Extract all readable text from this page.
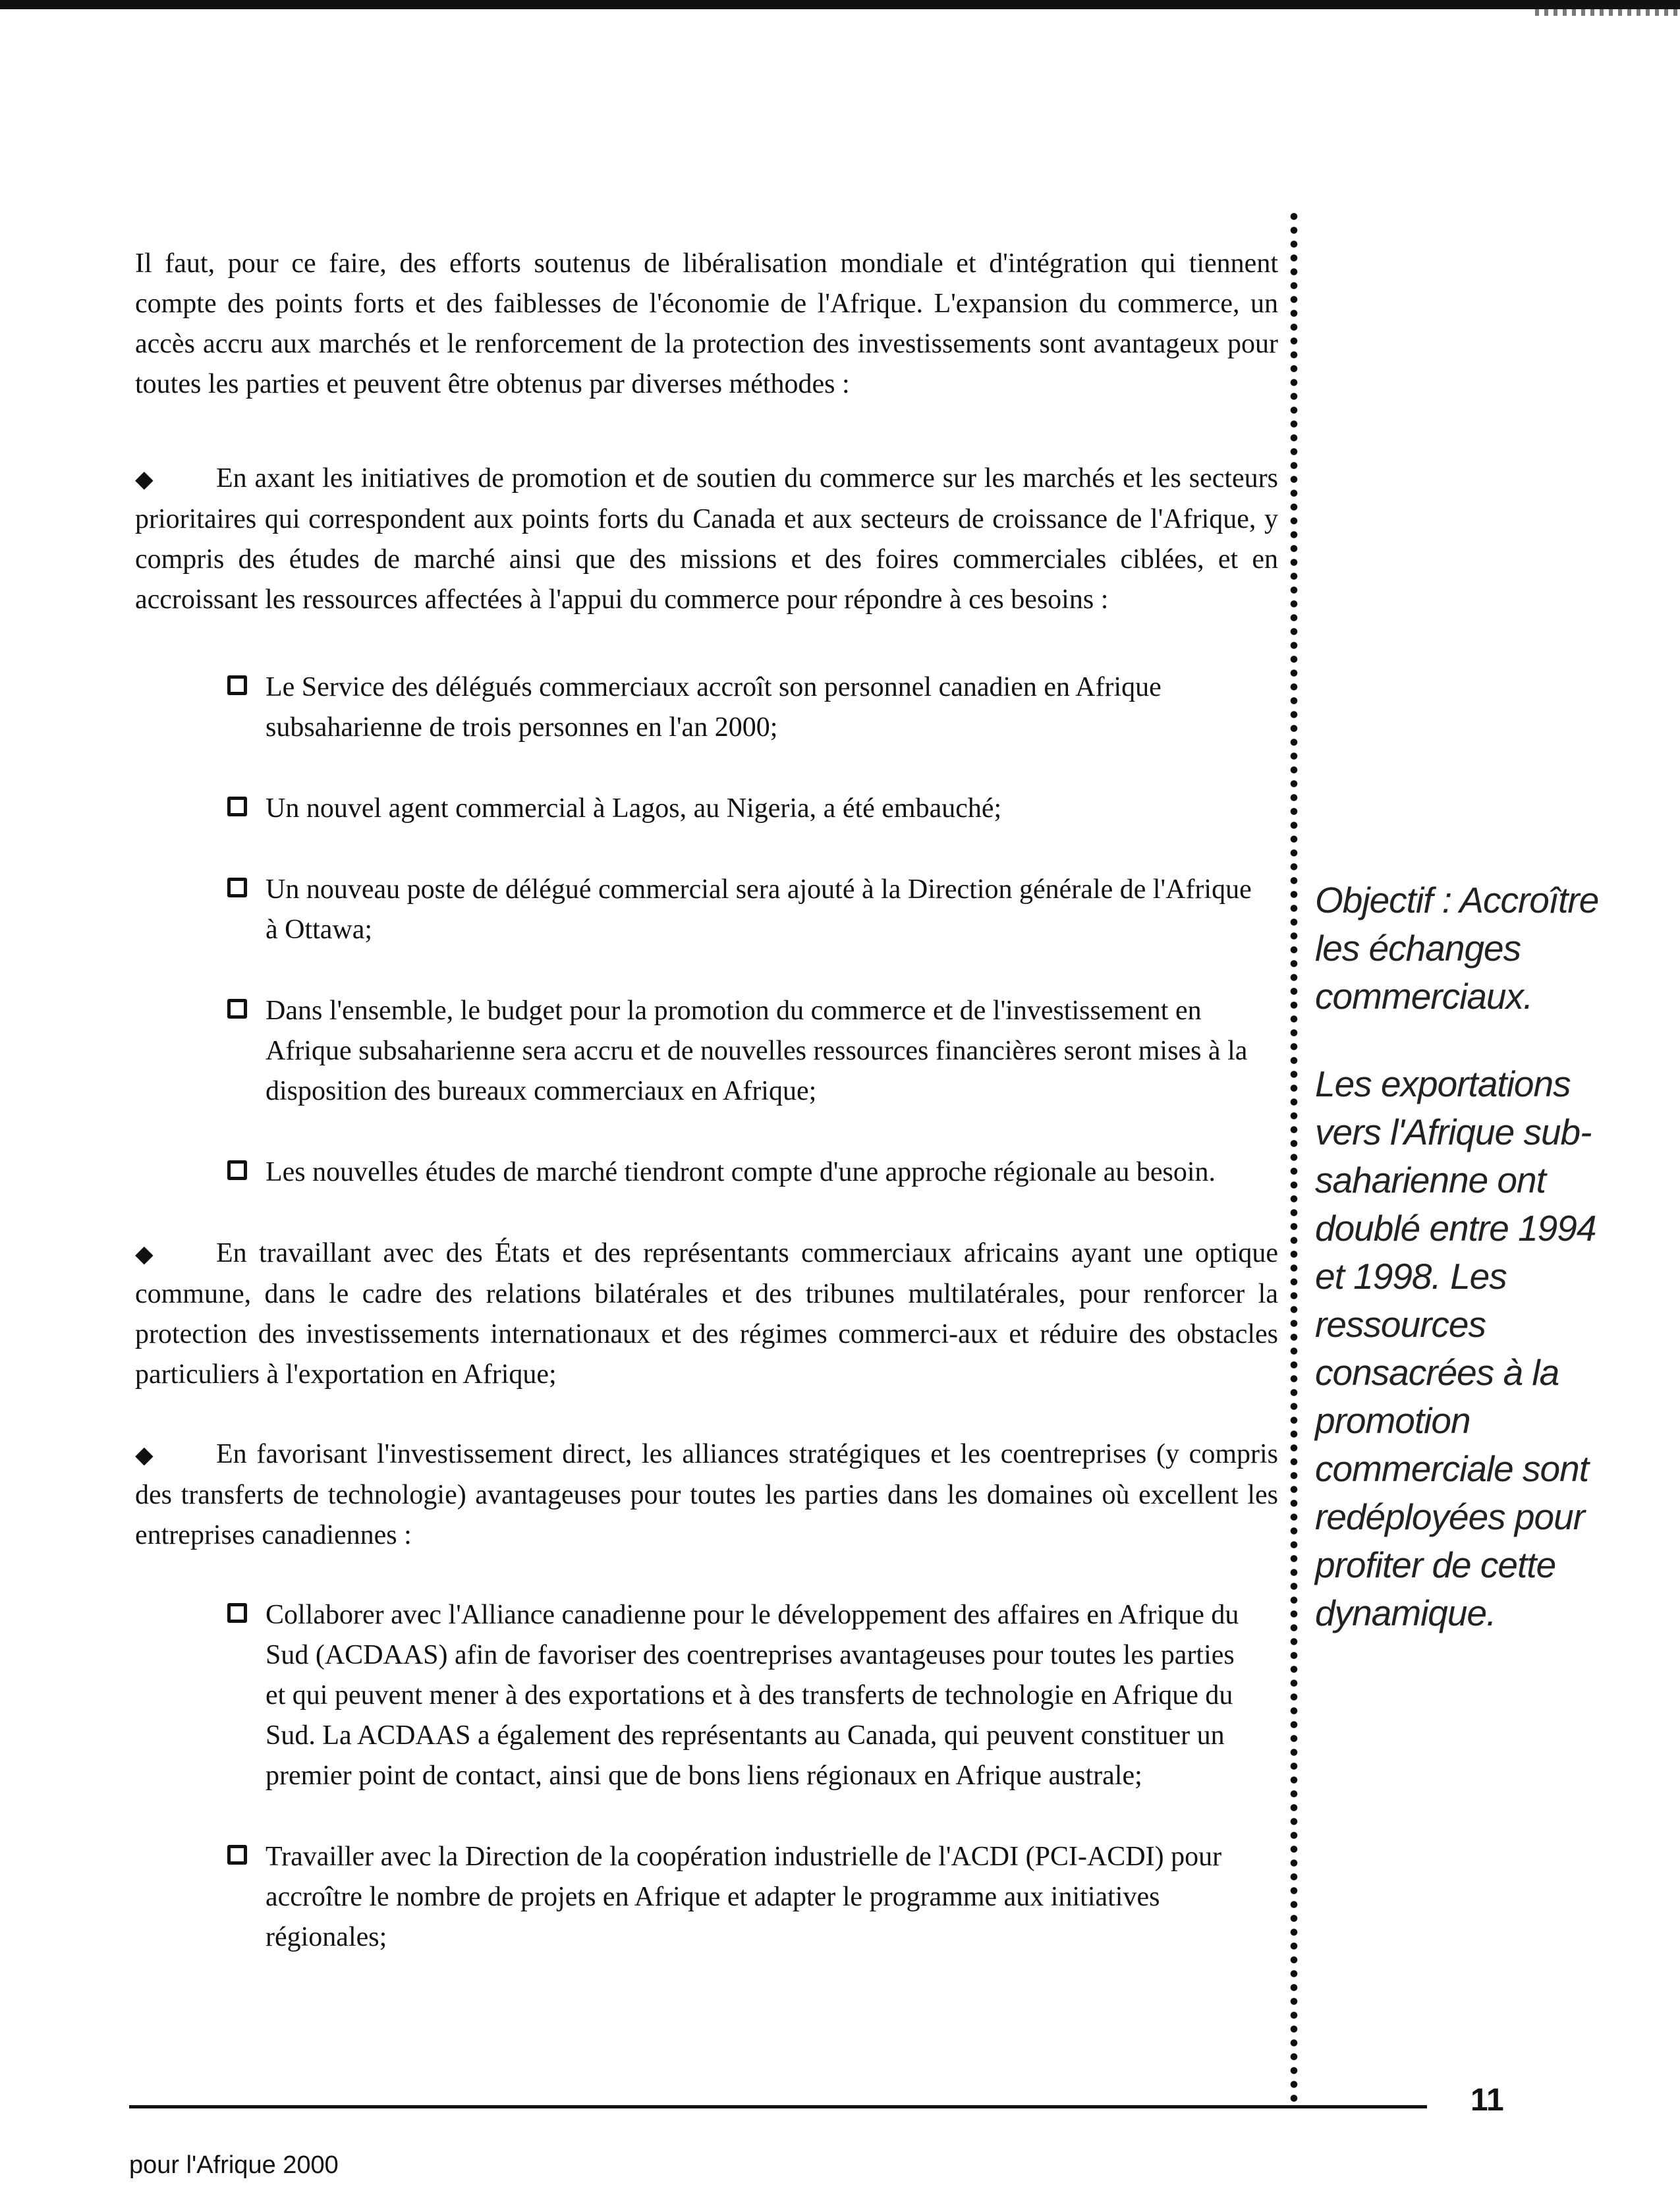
Il faut, pour ce faire, des efforts soutenus de libéralisation mondiale et d'intégration qui tiennent compte des points forts et des faiblesses de l'économie de l'Afrique. L'expansion du commerce, un accès accru aux marchés et le renforcement de la protection des investissements sont avantageux pour toutes les parties et peuvent être obtenus par diverses méthodes :

◆ En axant les initiatives de promotion et de soutien du commerce sur les marchés et les secteurs prioritaires qui correspondent aux points forts du Canada et aux secteurs de croissance de l'Afrique, y compris des études de marché ainsi que des missions et des foires commerciales ciblées, et en accroissant les ressources affectées à l'appui du commerce pour répondre à ces besoins :
Le Service des délégués commerciaux accroît son personnel canadien en Afrique subsaharienne de trois personnes en l'an 2000;
Un nouvel agent commercial à Lagos, au Nigeria, a été embauché;
Un nouveau poste de délégué commercial sera ajouté à la Direction générale de l'Afrique à Ottawa;
Dans l'ensemble, le budget pour la promotion du commerce et de l'investissement en Afrique subsaharienne sera accru et de nouvelles ressources financières seront mises à la disposition des bureaux commerciaux en Afrique;
Les nouvelles études de marché tiendront compte d'une approche régionale au besoin.
◆ En travaillant avec des États et des représentants commerciaux africains ayant une optique commune, dans le cadre des relations bilatérales et des tribunes multilatérales, pour renforcer la protection des investissements internationaux et des régimes commerci-aux et réduire des obstacles particuliers à l'exportation en Afrique;
◆ En favorisant l'investissement direct, les alliances stratégiques et les coentreprises (y compris des transferts de technologie) avantageuses pour toutes les parties dans les domaines où excellent les entreprises canadiennes :
Collaborer avec l'Alliance canadienne pour le développement des affaires en Afrique du Sud (ACDAAS) afin de favoriser des coentreprises avantageuses pour toutes les parties et qui peuvent mener à des exportations et à des transferts de technologie en Afrique du Sud. La ACDAAS a également des représentants au Canada, qui peuvent constituer un premier point de contact, ainsi que de bons liens régionaux en Afrique australe;
Travailler avec la Direction de la coopération industrielle de l'ACDI (PCI-ACDI) pour accroître le nombre de projets en Afrique et adapter le programme aux initiatives régionales;

Objectif : Accroître les échanges commerciaux.

Les exportations vers l'Afrique sub-saharienne ont doublé entre 1994 et 1998. Les ressources consacrées à la promotion commerciale sont redéployées pour profiter de cette dynamique.

11
pour l'Afrique 2000
